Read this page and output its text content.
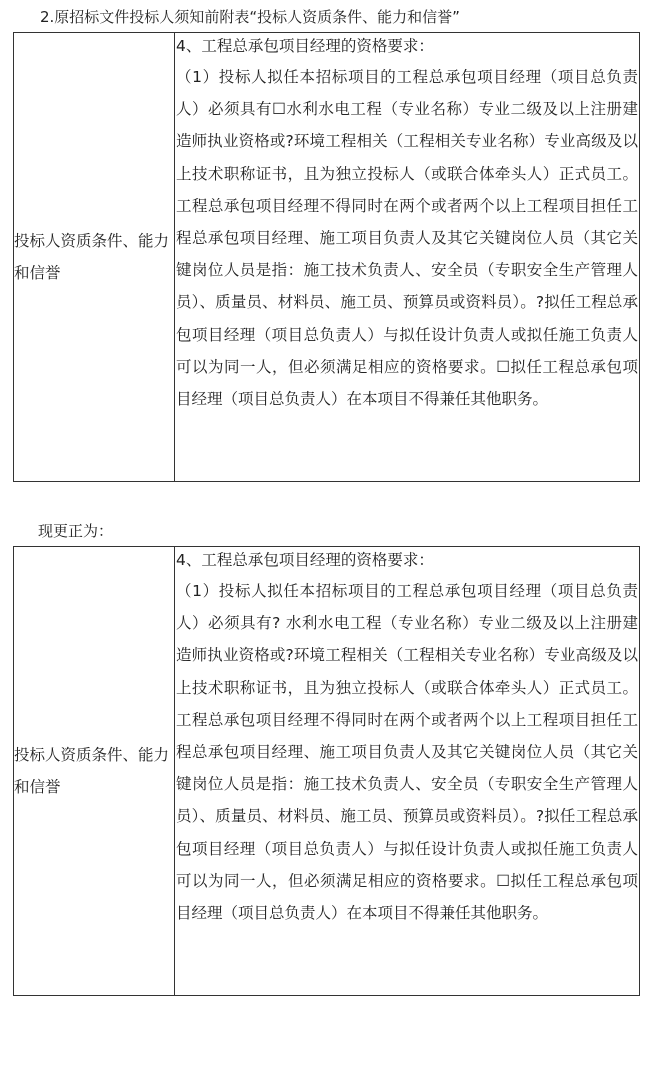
2.原招标文件投标人须知前附表“投标人资质条件、能力和信誉”
投标人资质条件、能力和信誉	

4、工程总承包项目经理的资格要求：

（1）投标人拟任本招标项目的工程总承包项目经理（项目总负责人）必须具有☐水利水电工程（专业名称）专业二级及以上注册建造师执业资格或?环境工程相关（工程相关专业名称）专业高级及以上技术职称证书，且为独立投标人（或联合体牵头人）正式员工。工程总承包项目经理不得同时在两个或者两个以上工程项目担任工程总承包项目经理、施工项目负责人及其它关键岗位人员（其它关键岗位人员是指：施工技术负责人、安全员（专职安全生产管理人员）、质量员、材料员、施工员、预算员或资料员）。?拟任工程总承包项目经理（项目总负责人）与拟任设计负责人或拟任施工负责人可以为同一人，但必须满足相应的资格要求。☐拟任工程总承包项目经理（项目总负责人）在本项目不得兼任其他职务。

现更正为：
投标人资质条件、能力和信誉	

4、工程总承包项目经理的资格要求：

（1）投标人拟任本招标项目的工程总承包项目经理（项目总负责人）必须具有? 水利水电工程（专业名称）专业二级及以上注册建造师执业资格或?环境工程相关（工程相关专业名称）专业高级及以上技术职称证书，且为独立投标人（或联合体牵头人）正式员工。工程总承包项目经理不得同时在两个或者两个以上工程项目担任工程总承包项目经理、施工项目负责人及其它关键岗位人员（其它关键岗位人员是指：施工技术负责人、安全员（专职安全生产管理人员）、质量员、材料员、施工员、预算员或资料员）。?拟任工程总承包项目经理（项目总负责人）与拟任设计负责人或拟任施工负责人可以为同一人，但必须满足相应的资格要求。☐拟任工程总承包项目经理（项目总负责人）在本项目不得兼任其他职务。
